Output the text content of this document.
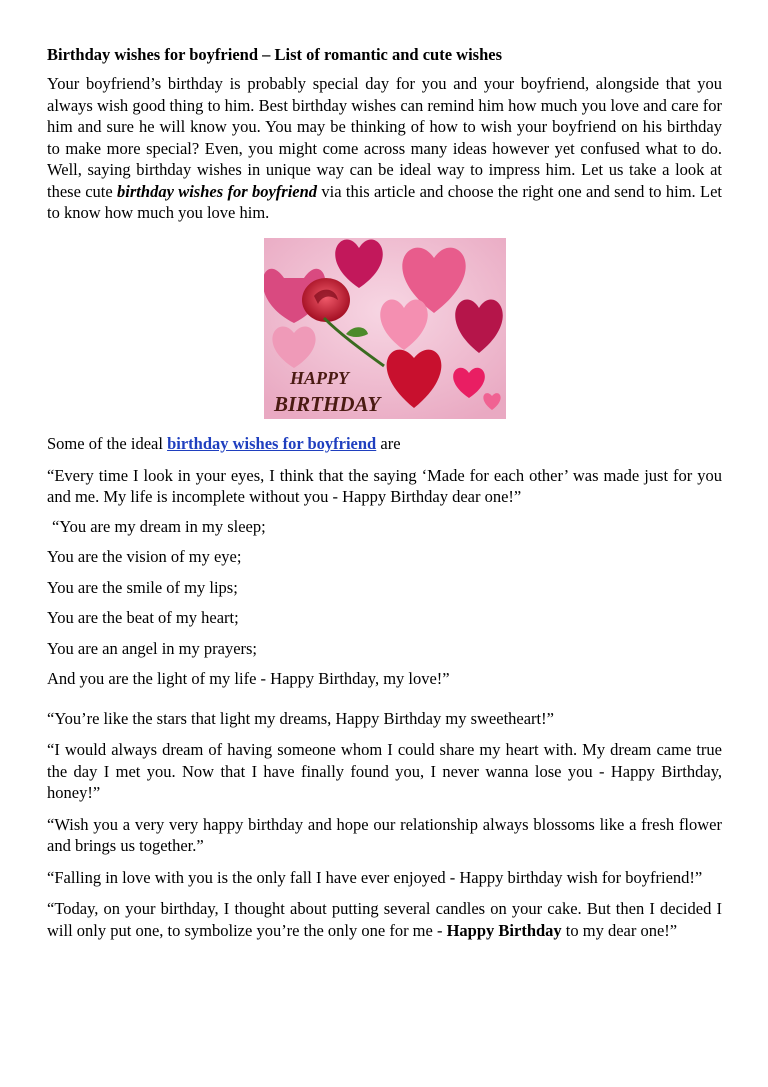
Birthday wishes for boyfriend – List of romantic and cute wishes

Your boyfriend’s birthday is probably special day for you and your boyfriend, alongside that you always wish good thing to him. Best birthday wishes can remind him how much you love and care for him and sure he will know you. You may be thinking of how to wish your boyfriend on his birthday to make more special? Even, you might come across many ideas however yet confused what to do. Well, saying birthday wishes in unique way can be ideal way to impress him. Let us take a look at these cute birthday wishes for boyfriend via this article and choose the right one and send to him. Let to know how much you love him.

HAPPY
BIRTHDAY

Some of the ideal birthday wishes for boyfriend are

“Every time I look in your eyes, I think that the saying ‘Made for each other’ was made just for you and me. My life is incomplete without you - Happy Birthday dear one!”

“You are my dream in my sleep;

You are the vision of my eye;

You are the smile of my lips;

You are the beat of my heart;

You are an angel in my prayers;

And you are the light of my life - Happy Birthday, my love!”

“You’re like the stars that light my dreams, Happy Birthday my sweetheart!”

“I would always dream of having someone whom I could share my heart with. My dream came true the day I met you. Now that I have finally found you, I never wanna lose you - Happy Birthday, honey!”

“Wish you a very very happy birthday and hope our relationship always blossoms like a fresh flower and brings us together.”

“Falling in love with you is the only fall I have ever enjoyed - Happy birthday wish for boyfriend!”

“Today, on your birthday, I thought about putting several candles on your cake. But then I decided I will only put one, to symbolize you’re the only one for me - Happy Birthday to my dear one!”
